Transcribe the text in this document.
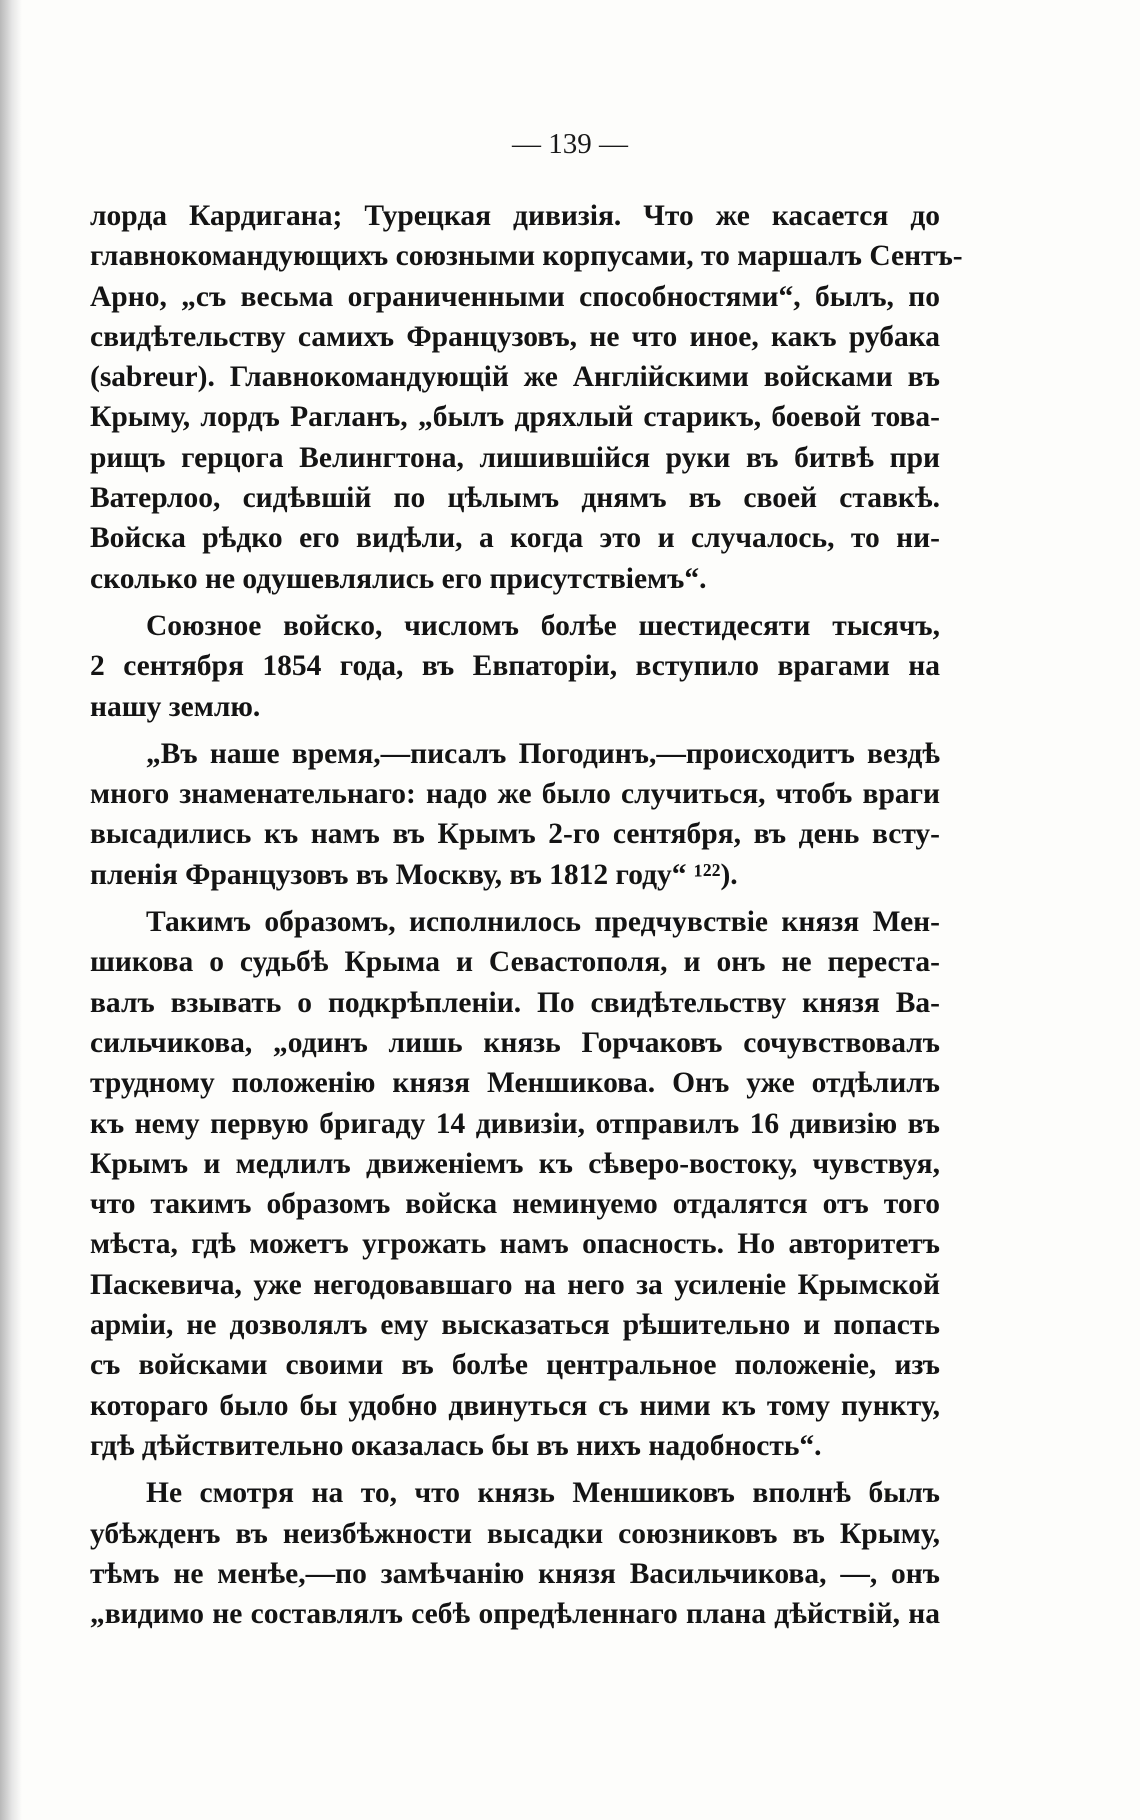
— 139 —
лорда Кардигана; Турецкая дивизія. Что же касается до
главнокомандующихъ союзными корпусами, то маршалъ Сентъ-
Арно, „съ весьма ограниченными способностями“, былъ, по
свидѣтельству самихъ Французовъ, не что иное, какъ рубака
(sabreur). Главнокомандующій же Англійскими войсками въ
Крыму, лордъ Рагланъ, „былъ дряхлый старикъ, боевой това-
рищъ герцога Велингтона, лишившійся руки въ битвѣ при
Ватерлоо, сидѣвшій по цѣлымъ днямъ въ своей ставкѣ.
Войска рѣдко его видѣли, а когда это и случалось, то ни-
сколько не одушевлялись его присутствіемъ“.
Союзное войско, числомъ болѣе шестидесяти тысячъ,
2 сентября 1854 года, въ Евпаторіи, вступило врагами на
нашу землю.
„Въ наше время,—писалъ Погодинъ,—происходитъ вездѣ
много знаменательнаго: надо же было случиться, чтобъ враги
высадились къ намъ въ Крымъ 2-го сентября, въ день всту-
пленія Французовъ въ Москву, въ 1812 году“ ¹²²).
Такимъ образомъ, исполнилось предчувствіе князя Мен-
шикова о судьбѣ Крыма и Севастополя, и онъ не переста-
валъ взывать о подкрѣпленіи. По свидѣтельству князя Ва-
сильчикова, „одинъ лишь князь Горчаковъ сочувствовалъ
трудному положенію князя Меншикова. Онъ уже отдѣлилъ
къ нему первую бригаду 14 дивизіи, отправилъ 16 дивизію въ
Крымъ и медлилъ движеніемъ къ сѣверо-востоку, чувствуя,
что такимъ образомъ войска неминуемо отдалятся отъ того
мѣста, гдѣ можетъ угрожать намъ опасность. Но авторитетъ
Паскевича, уже негодовавшаго на него за усиленіе Крымской
арміи, не дозволялъ ему высказаться рѣшительно и попасть
съ войсками своими въ болѣе центральное положеніе, изъ
котораго было бы удобно двинуться съ ними къ тому пункту,
гдѣ дѣйствительно оказалась бы въ нихъ надобность“.
Не смотря на то, что князь Меншиковъ вполнѣ былъ
убѣжденъ въ неизбѣжности высадки союзниковъ въ Крыму,
тѣмъ не менѣе,—по замѣчанію князя Васильчикова, —, онъ
„видимо не составлялъ себѣ опредѣленнаго плана дѣйствій, на
